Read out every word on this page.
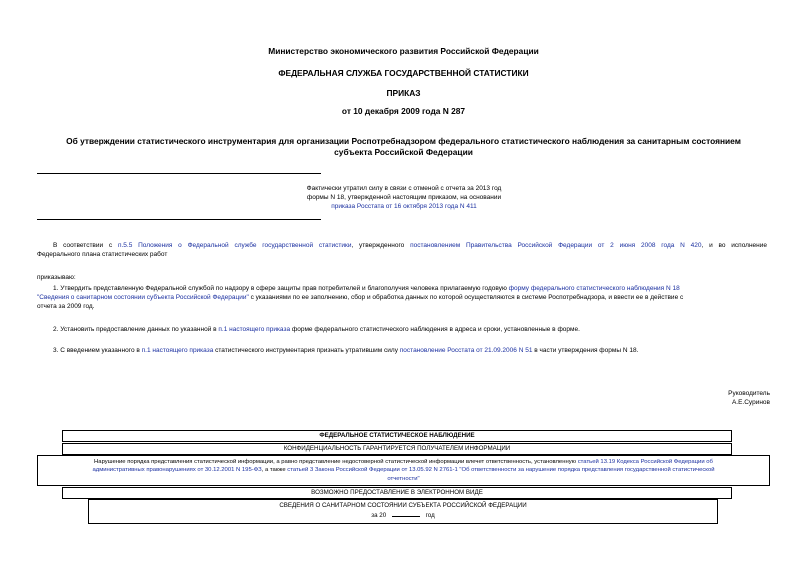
Министерство экономического развития Российской Федерации
ФЕДЕРАЛЬНАЯ СЛУЖБА ГОСУДАРСТВЕННОЙ СТАТИСТИКИ
ПРИКАЗ
от 10 декабря 2009 года N 287
Об утверждении статистического инструментария для организации Роспотребнадзором федерального статистического наблюдения за санитарным состоянием
субъекта Российской Федерации
Фактически утратил силу в связи с отменой с отчета за 2013 год
формы N 18, утвержденной настоящим приказом, на основании
приказа Росстата от 16 октября 2013 года N 411
В соответствии с п.5.5 Положения о Федеральной службе государственной статистики, утвержденного постановлением Правительства Российской Федерации от 2 июня 2008 года N 420, и во исполнение
Федерального плана статистических работ
приказываю:
1. Утвердить представленную Федеральной службой по надзору в сфере защиты прав потребителей и благополучия человека прилагаемую годовую форму федерального статистического наблюдения N 18
"Сведения о санитарном состоянии субъекта Российской Федерации" с указаниями по ее заполнению, сбор и обработка данных по которой осуществляются в системе Роспотребнадзора, и ввести ее в действие с
отчета за 2009 год.
2. Установить предоставление данных по указанной в п.1 настоящего приказа форме федерального статистического наблюдения в адреса и сроки, установленные в форме.
3. С введением указанного в п.1 настоящего приказа статистического инструментария признать утратившим силу постановление Росстата от 21.09.2006 N 51 в части утверждения формы N 18.
Руководитель
А.Е.Суринов
ФЕДЕРАЛЬНОЕ СТАТИСТИЧЕСКОЕ НАБЛЮДЕНИЕ
КОНФИДЕНЦИАЛЬНОСТЬ ГАРАНТИРУЕТСЯ ПОЛУЧАТЕЛЕМ ИНФОРМАЦИИ
Нарушение порядка представления статистической информации, а равно представление недостоверной статистической информации влечет ответственность, установленную статьей 13.19 Кодекса Российской Федерации об
административных правонарушениях от 30.12.2001 N 195-ФЗ, а также статьей 3 Закона Российской Федерации от 13.05.92 N 2761-1 "Об ответственности за нарушение порядка представления государственной статистической
отчетности"
ВОЗМОЖНО ПРЕДОСТАВЛЕНИЕ В ЭЛЕКТРОННОМ ВИДЕ
СВЕДЕНИЯ О САНИТАРНОМ СОСТОЯНИИ СУБЪЕКТА РОССИЙСКОЙ ФЕДЕРАЦИИ
за 20	год
